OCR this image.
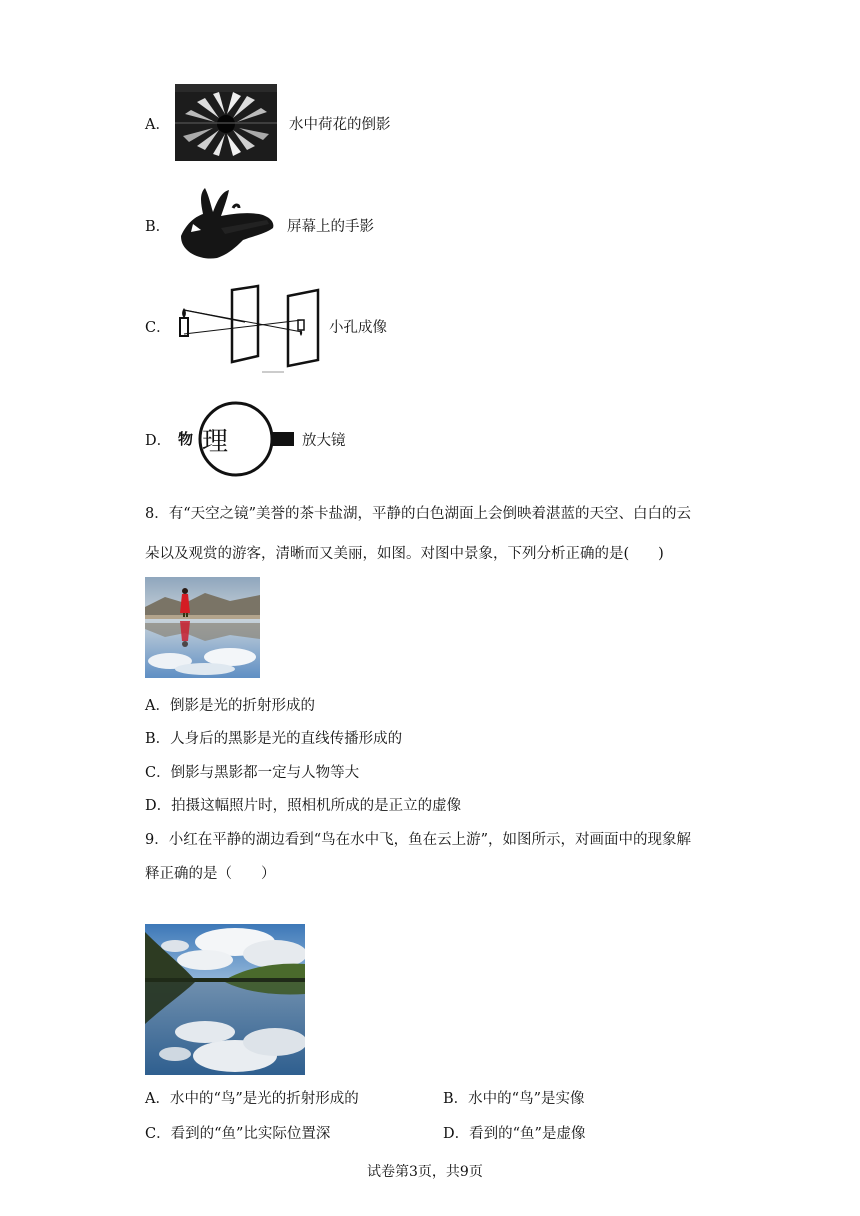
A．	水中荷花的倒影
B．	屏幕上的手影
C．	小孔成像
D． 物 理	放大镜
8．有“天空之镜”美誉的茶卡盐湖，平静的白色湖面上会倒映着湛蓝的天空、白白的云
朵以及观赏的游客，清晰而又美丽，如图。对图中景象，下列分析正确的是(　　)
A．倒影是光的折射形成的
B．人身后的黑影是光的直线传播形成的
C．倒影与黑影都一定与人物等大
D．拍摄这幅照片时，照相机所成的是正立的虚像
9．小红在平静的湖边看到“鸟在水中飞，鱼在云上游”，如图所示，对画面中的现象解
释正确的是（　　）
A．水中的“鸟”是光的折射形成的	B．水中的“鸟”是实像
C．看到的“鱼”比实际位置深	D．看到的“鱼”是虚像
试卷第3页，共9页
